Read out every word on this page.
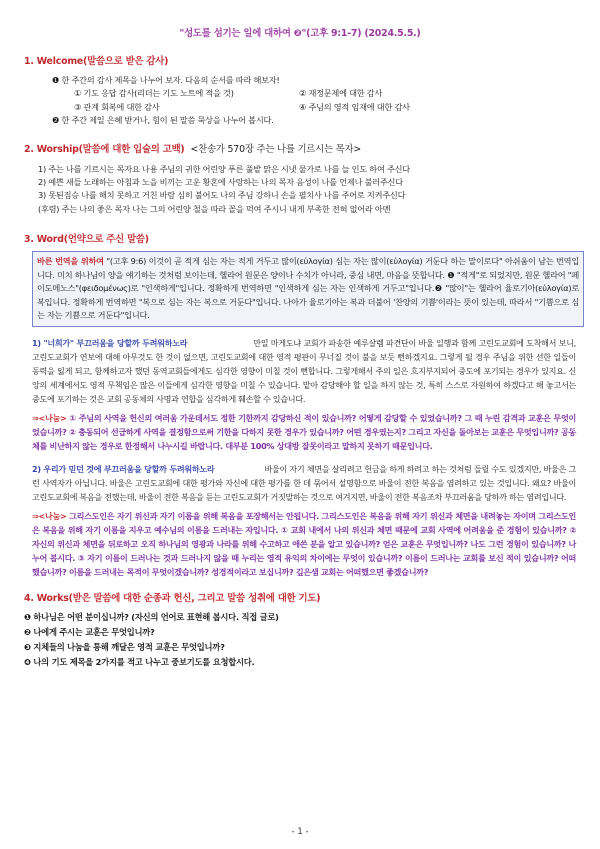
"성도를 섬기는 일에 대하여 ❷"(고후 9:1-7) (2024.5.5.)
1. Welcome(말씀으로 받은 감사)
❶ 한 주간의 감사 제목을 나누어 보자. 다음의 순서를 따라 해보자!
① 기도 응답 감사(리더는 기도 노트에 적을 것)	② 재정문제에 대한 감사
③ 관계 회복에 대한 감사	④ 주님의 영적 임재에 대한 감사
❷ 한 주간 제일 은혜 받거나, 힘이 된 말씀 묵상을 나누어 봅시다.
2. Worship(말씀에 대한 입술의 고백) <찬송가 570장 주는 나를 기르시는 목자>
1) 주는 나를 기르시는 목자요 나용 주님의 귀한 어린양 푸른 풀밭 맑은 시냇 물가로 나를 늘 인도 하여 주신다
2) 예쁜 새들 노래하는 아침과 노을 비끼는 고운 황혼에 사랑하는 나의 목자 음성이 나를 언제나 불러주신다
3) 못된짐승 나를 해치 못하고 거친 바람 심히 불어도 나의 주님 강하니 손을 펼치사 나를 주어로 지켜주신다
(후렴) 주는 나의 좋은 목자 나는 그의 어린양 철을 따라 꼴을 먹여 주시니 내게 부족한 전혀 없어라 아멘
3. Word(언약으로 주신 말씀)
바른 번역을 위하여 "(고후 9:6) 이것이 곧 적게 심는 자는 적게 거두고 많이(εὐλογία) 심는 자는 많이(εὐλογία) 거둔다 하는 말이로다" 아쉬움이 남는 번역입니다. 미치 하나님이 양을 얘기하는 것처럼 보이는데, 헬라어 원문은 양이나 수치가 아니라, 중심 내면, 마음을 뜻합니다. ❶ "적게"로 되었지만, 원문 헬라어 "페이도메노스"(φειδομένως)로 "인색하게"입니다. 정확하게 번역하면 "인색하게 심는 자는 인색하게 거두고"입니다.❷ "많이"는 헬라어 율로기아(εὐλογία)로 복입니다. 정확하게 번역하면 "복으로 심는 자는 복으로 거둔다"입니다. 나아가 율로기아는 복과 더불어 '찬양의 기쁨'이라는 뜻이 있는데, 따라서 "기쁨으로 심는 자는 기쁨으로 거둔다"입니다.
1) "너희가" 부끄러움을 당할까 두려워하노라	만일 마게도냐 교회가 파송한 예루살렘 파견단이 바울 일행과 함께 고린도교회에 도착해서 보니, 고린도교회가 연보에 대해 아무것도 한 것이 없으면, 고린도교회에 대한 영적 평판이 무너질 것이 불을 보듯 뻔하겠지요. 그렇게 될 경우 주님을 위한 선한 일들이 동력을 잃게 되고, 함께하고자 했던 동역교회들에게도 심각한 영향이 미칠 것이 뻔합니다. 그렇게해서 주의 일은 흐지부지되어 중도에 포기되는 경우가 있지요. 신앙의 세계에서도 영적 무책임은 많은 이들에게 심각한 영향을 미칠 수 있습니다. 맡아 감당해야 할 일을 하지 않는 것, 특히 스스로 자원하여 하겠다고 해 놓고서는 중도에 포기하는 것은 교회 공동체의 사명과 연합을 심각하게 훼손할 수 있습니다.
⇒<나눔> ① 주님의 사역을 헌신의 여러움 가운데서도 정한 기한까지 감당하신 적이 있습니까? 어떻게 감당할 수 있었습니까? 그 때 누린 감격과 교훈은 무엇이었습니까? ② 충동되어 선급하게 사역을 결정함으로써 기한을 다하지 못한 경우가 있습니까? 어떤 경우였는지? 그리고 자신을 돌아보는 교훈은 무엇입니까? 공동체를 비난하지 않는 경우로 한정해서 나누시길 바랍니다. 대부분 100% 상대방 잘못이라고 말하지 못하기 때문입니다.
2) 우리가 믿던 것에 부끄러움을 당할까 두려워하노라	바울이 자기 체면을 살리려고 헌금을 하게 하려고 하는 것처럼 들릴 수도 있겠지만, 바울은 그런 사역자가 아닙니다. 바울은 고린도교회에 대한 평가와 자신에 대한 평가를 한 데 묶어서 설명함으로 바울이 전한 복음을 염려하고 있는 것입니다. 왜요? 바울이 고린도교회에 복음을 전했는데, 바울이 전한 복음을 듣는 고린도교회가 거짓말하는 것으로 여겨지면, 바울이 전한 복음조차 부끄러움을 당하까 하는 염려입니다.
⇒<나눔> 그리스도인은 자기 위신과 자기 이름을 위해 복음을 포장해서는 안됩니다. 그리스도인은 복음을 위해 자기 위신과 체면을 내려놓는 자이며 그리스도인은 복음을 위해 자기 이름을 지우고 예수님의 이름을 드러내는 자입니다. ① 교회 내에서 나의 위신과 체면 때문에 교회 사역에 어려움을 준 경험이 있습니까? ② 자신의 위신과 체면을 뒤로하고 오직 하나님의 영광과 나라를 위해 수고하고 애쓴 분을 알고 있습니까? 얻은 교훈은 무엇입니까? 나도 그런 경험이 있습니까? 나누어 봅시다. ③ 자기 이름이 드러나는 것과 드러나지 않을 때 누리는 영적 유익의 차이에는 무엇이 있습니까? 이름이 드러나는 교회를 보신 적이 있습니까? 어떠했습니까? 이름을 드러내는 목적이 무엇이겠습니까? 성경적이라고 보십니까? 깊은샘 교회는 어떠했으면 좋겠습니까?
4. Works(받은 말씀에 대한 순종과 헌신, 그리고 말씀 성취에 대한 기도)
❶ 하나님은 어떤 분이십니까? (자신의 언어로 표현해 봅시다. 직접 글로)
❷ 나에게 주시는 교훈은 무엇입니까?
❸ 지체들의 나눔을 통해 깨달은 영적 교훈은 무엇입니까?
❹ 나의 기도 제목을 2가지를 적고 나누고 중보기도를 요청합시다.
- 1 -
